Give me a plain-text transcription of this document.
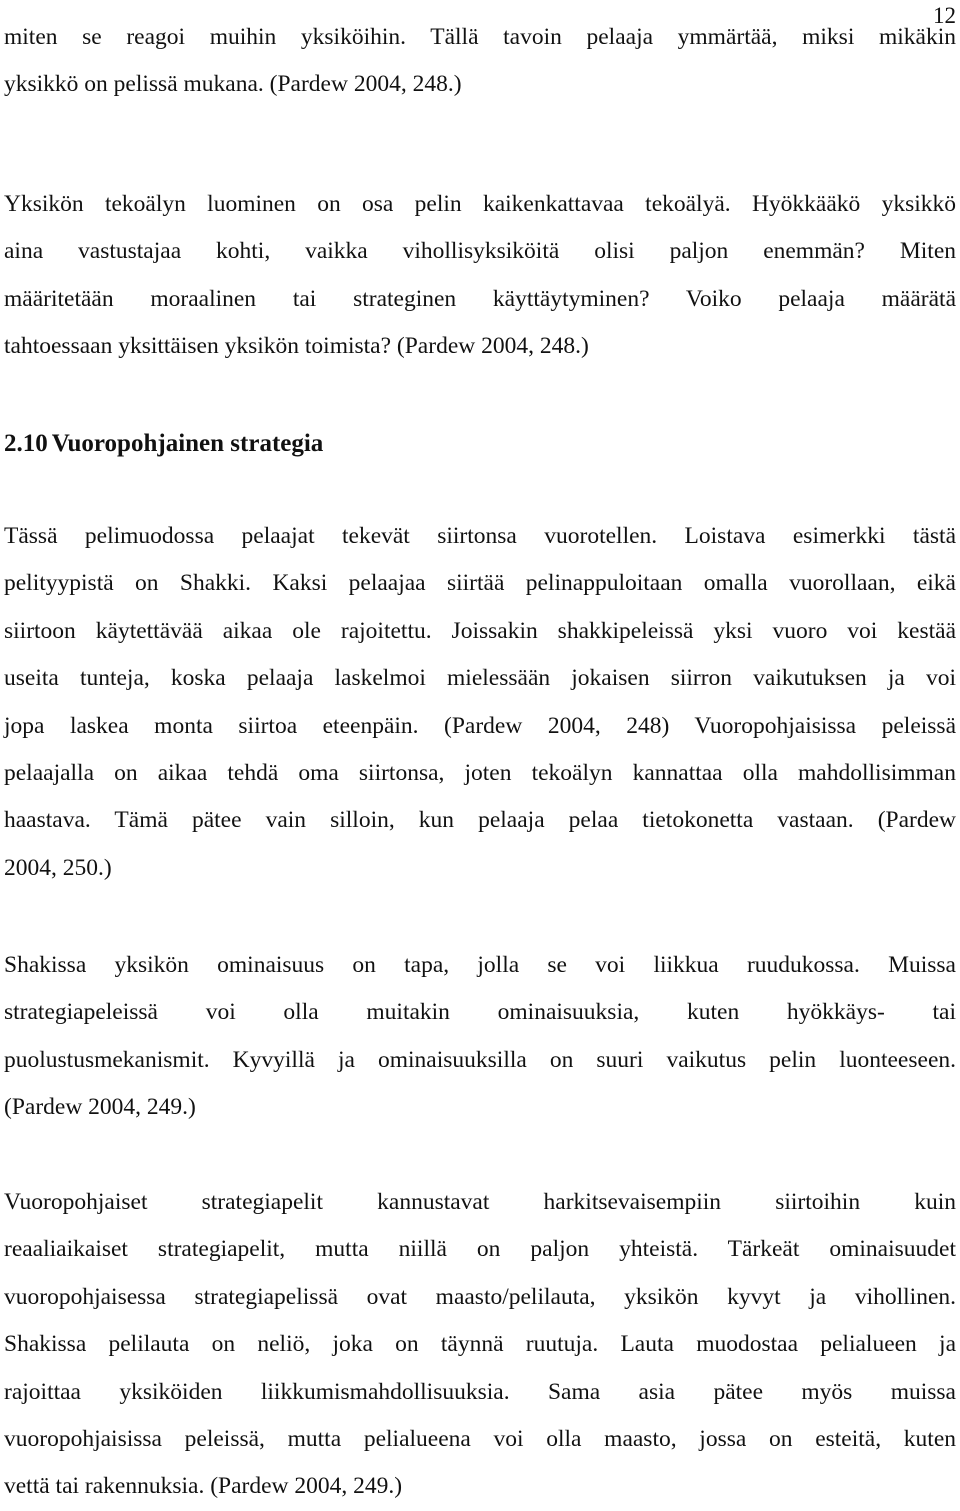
12
miten se reagoi muihin yksiköihin. Tällä tavoin pelaaja ymmärtää, miksi mikäkin
yksikkö on pelissä mukana. (Pardew 2004, 248.)
Yksikön tekoälyn luominen on osa pelin kaikenkattavaa tekoälyä. Hyökkääkö yksikkö
aina vastustajaa kohti, vaikka vihollisyksiköitä olisi paljon enemmän? Miten
määritetään moraalinen tai strateginen käyttäytyminen? Voiko pelaaja määrätä
tahtoessaan yksittäisen yksikön toimista? (Pardew 2004, 248.)
2.10 Vuoropohjainen strategia
Tässä pelimuodossa pelaajat tekevät siirtonsa vuorotellen. Loistava esimerkki tästä
pelityypistä on Shakki. Kaksi pelaajaa siirtää pelinappuloitaan omalla vuorollaan, eikä
siirtoon käytettävää aikaa ole rajoitettu. Joissakin shakkipeleissä yksi vuoro voi kestää
useita tunteja, koska pelaaja laskelmoi mielessään jokaisen siirron vaikutuksen ja voi
jopa laskea monta siirtoa eteenpäin. (Pardew 2004, 248) Vuoropohjaisissa peleissä
pelaajalla on aikaa tehdä oma siirtonsa, joten tekoälyn kannattaa olla mahdollisimman
haastava. Tämä pätee vain silloin, kun pelaaja pelaa tietokonetta vastaan. (Pardew
2004, 250.)
Shakissa yksikön ominaisuus on tapa, jolla se voi liikkua ruudukossa. Muissa
strategiapeleissä voi olla muitakin ominaisuuksia, kuten hyökkäys- tai
puolustusmekanismit. Kyvyillä ja ominaisuuksilla on suuri vaikutus pelin luonteeseen.
(Pardew 2004, 249.)
Vuoropohjaiset strategiapelit kannustavat harkitsevaisempiin siirtoihin kuin
reaaliaikaiset strategiapelit, mutta niillä on paljon yhteistä. Tärkeät ominaisuudet
vuoropohjaisessa strategiapelissä ovat maasto/pelilauta, yksikön kyvyt ja vihollinen.
Shakissa pelilauta on neliö, joka on täynnä ruutuja. Lauta muodostaa pelialueen ja
rajoittaa yksiköiden liikkumismahdollisuuksia. Sama asia pätee myös muissa
vuoropohjaisissa peleissä, mutta pelialueena voi olla maasto, jossa on esteitä, kuten
vettä tai rakennuksia. (Pardew 2004, 249.)
